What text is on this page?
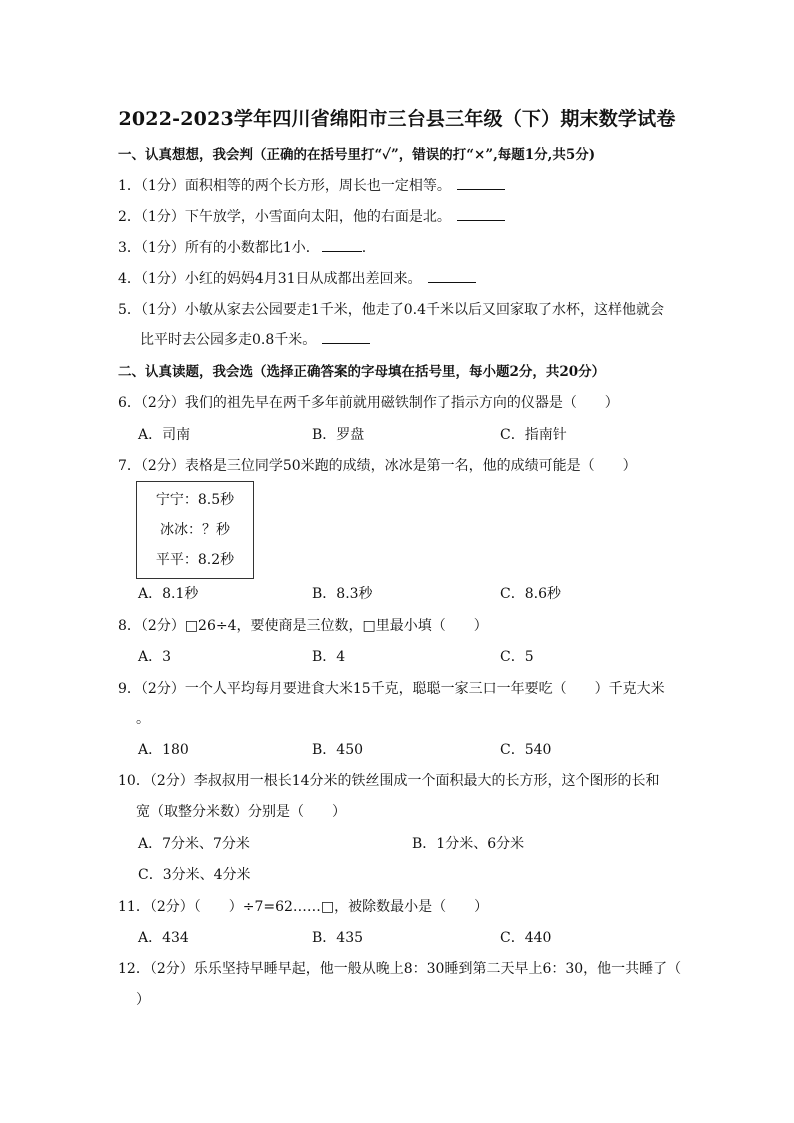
2022-2023学年四川省绵阳市三台县三年级（下）期末数学试卷
一、认真想想，我会判（正确的在括号里打“✓”，错误的打“×”,每题1分,共5分)
1．（1分）面积相等的两个长方形，周长也一定相等。
2．（1分）下午放学，小雪面向太阳，他的右面是北。
3．（1分）所有的小数都比1小．	.
4．（1分）小红的妈妈4月31日从成都出差回来。
5．（1分）小敏从家去公园要走1千米，他走了0.4千米以后又回家取了水杯，这样他就会
比平时去公园多走0.8千米。
二、认真读题，我会选（选择正确答案的字母填在括号里，每小题2分，共20分）
6．（2分）我们的祖先早在两千多年前就用磁铁制作了指示方向的仪器是（　　）
A．司南	B．罗盘	C．指南针
7．（2分）表格是三位同学50米跑的成绩，冰冰是第一名，他的成绩可能是（　　）
宁宁：8.5秒
冰冰：？秒
平平：8.2秒
A．8.1秒	B．8.3秒	C．8.6秒
8．（2分）□26÷4，要使商是三位数，□里最小填（　　）
A．3	B．4	C．5
9．（2分）一个人平均每月要进食大米15千克，聪聪一家三口一年要吃（　　）千克大米
。
A．180	B．450	C．540
10．（2分）李叔叔用一根长14分米的铁丝围成一个面积最大的长方形，这个图形的长和
宽（取整分米数）分别是（　　）
A．7分米、7分米	B．1分米、6分米
C．3分米、4分米
11．（2分）（　　）÷7=62……□，被除数最小是（　　）
A．434	B．435	C．440
12．（2分）乐乐坚持早睡早起，他一般从晚上8：30睡到第二天早上6：30，他一共睡了（
）
